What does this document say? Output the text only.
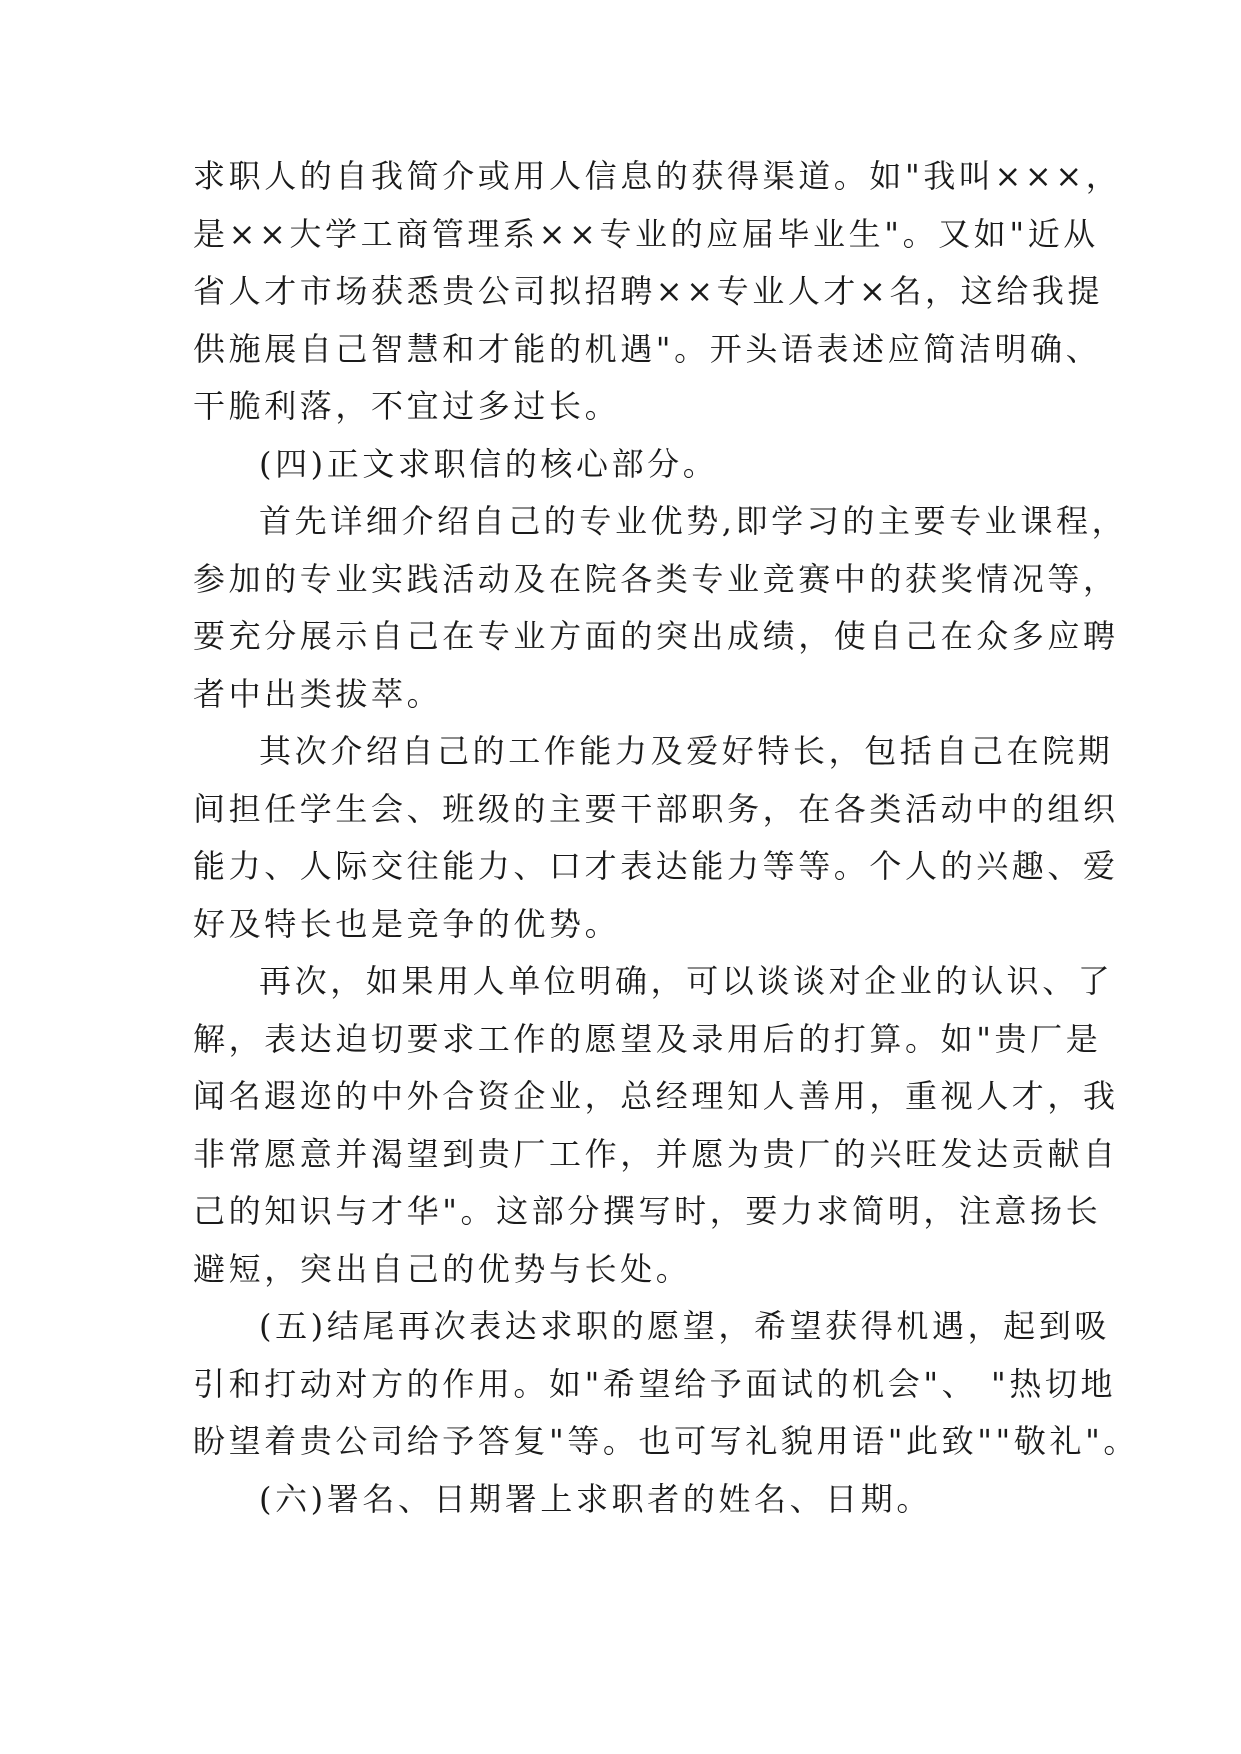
求职人的自我简介或用人信息的获得渠道。如"我叫×××，
是××大学工商管理系××专业的应届毕业生"。又如"近从
省人才市场获悉贵公司拟招聘××专业人才×名，这给我提
供施展自己智慧和才能的机遇"。开头语表述应简洁明确、
干脆利落，不宜过多过长。
(四)正文求职信的核心部分。
首先详细介绍自己的专业优势,即学习的主要专业课程，
参加的专业实践活动及在院各类专业竞赛中的获奖情况等，
要充分展示自己在专业方面的突出成绩，使自己在众多应聘
者中出类拔萃。
其次介绍自己的工作能力及爱好特长，包括自己在院期
间担任学生会、班级的主要干部职务，在各类活动中的组织
能力、人际交往能力、口才表达能力等等。个人的兴趣、爱
好及特长也是竞争的优势。
再次，如果用人单位明确，可以谈谈对企业的认识、了
解，表达迫切要求工作的愿望及录用后的打算。如"贵厂是
闻名遐迩的中外合资企业，总经理知人善用，重视人才，我
非常愿意并渴望到贵厂工作，并愿为贵厂的兴旺发达贡献自
己的知识与才华"。这部分撰写时，要力求简明，注意扬长
避短，突出自己的优势与长处。
(五)结尾再次表达求职的愿望，希望获得机遇，起到吸
引和打动对方的作用。如"希望给予面试的机会"、 "热切地
盼望着贵公司给予答复"等。也可写礼貌用语"此致""敬礼"。
(六)署名、日期署上求职者的姓名、日期。
